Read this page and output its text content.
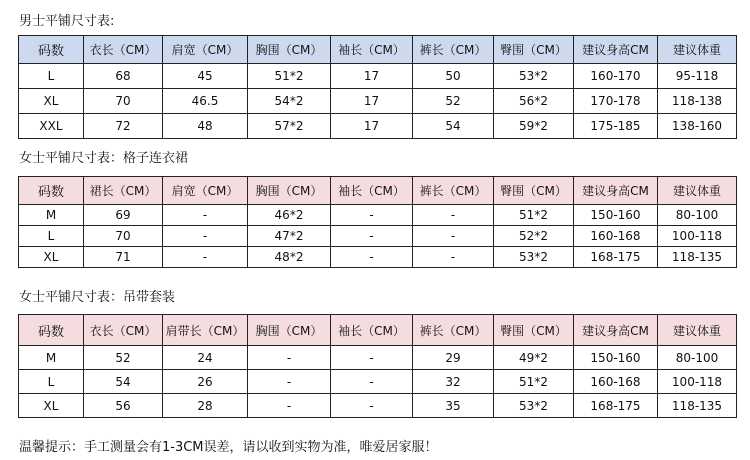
男士平铺尺寸表:
码数	衣长（CM）	肩宽（CM）	胸围（CM）	袖长（CM）	裤长（CM）	臀围（CM）	建议身高CM	建议体重
L	68	45	51*2	17	50	53*2	160-170	95-118
XL	70	46.5	54*2	17	52	56*2	170-178	118-138
XXL	72	48	57*2	17	54	59*2	175-185	138-160
女士平铺尺寸表：格子连衣裙
码数	裙长（CM）	肩宽（CM）	胸围（CM）	袖长（CM）	裤长（CM）	臀围（CM）	建议身高CM	建议体重
M	69	-	46*2	-	-	51*2	150-160	80-100
L	70	-	47*2	-	-	52*2	160-168	100-118
XL	71	-	48*2	-	-	53*2	168-175	118-135
女士平铺尺寸表：吊带套装
码数	衣长（CM）	肩带长（CM）	胸围（CM）	袖长（CM）	裤长（CM）	臀围（CM）	建议身高CM	建议体重
M	52	24	-	-	29	49*2	150-160	80-100
L	54	26	-	-	32	51*2	160-168	100-118
XL	56	28	-	-	35	53*2	168-175	118-135
温馨提示：手工测量会有1-3CM误差，请以收到实物为准，唯爱居家服！
